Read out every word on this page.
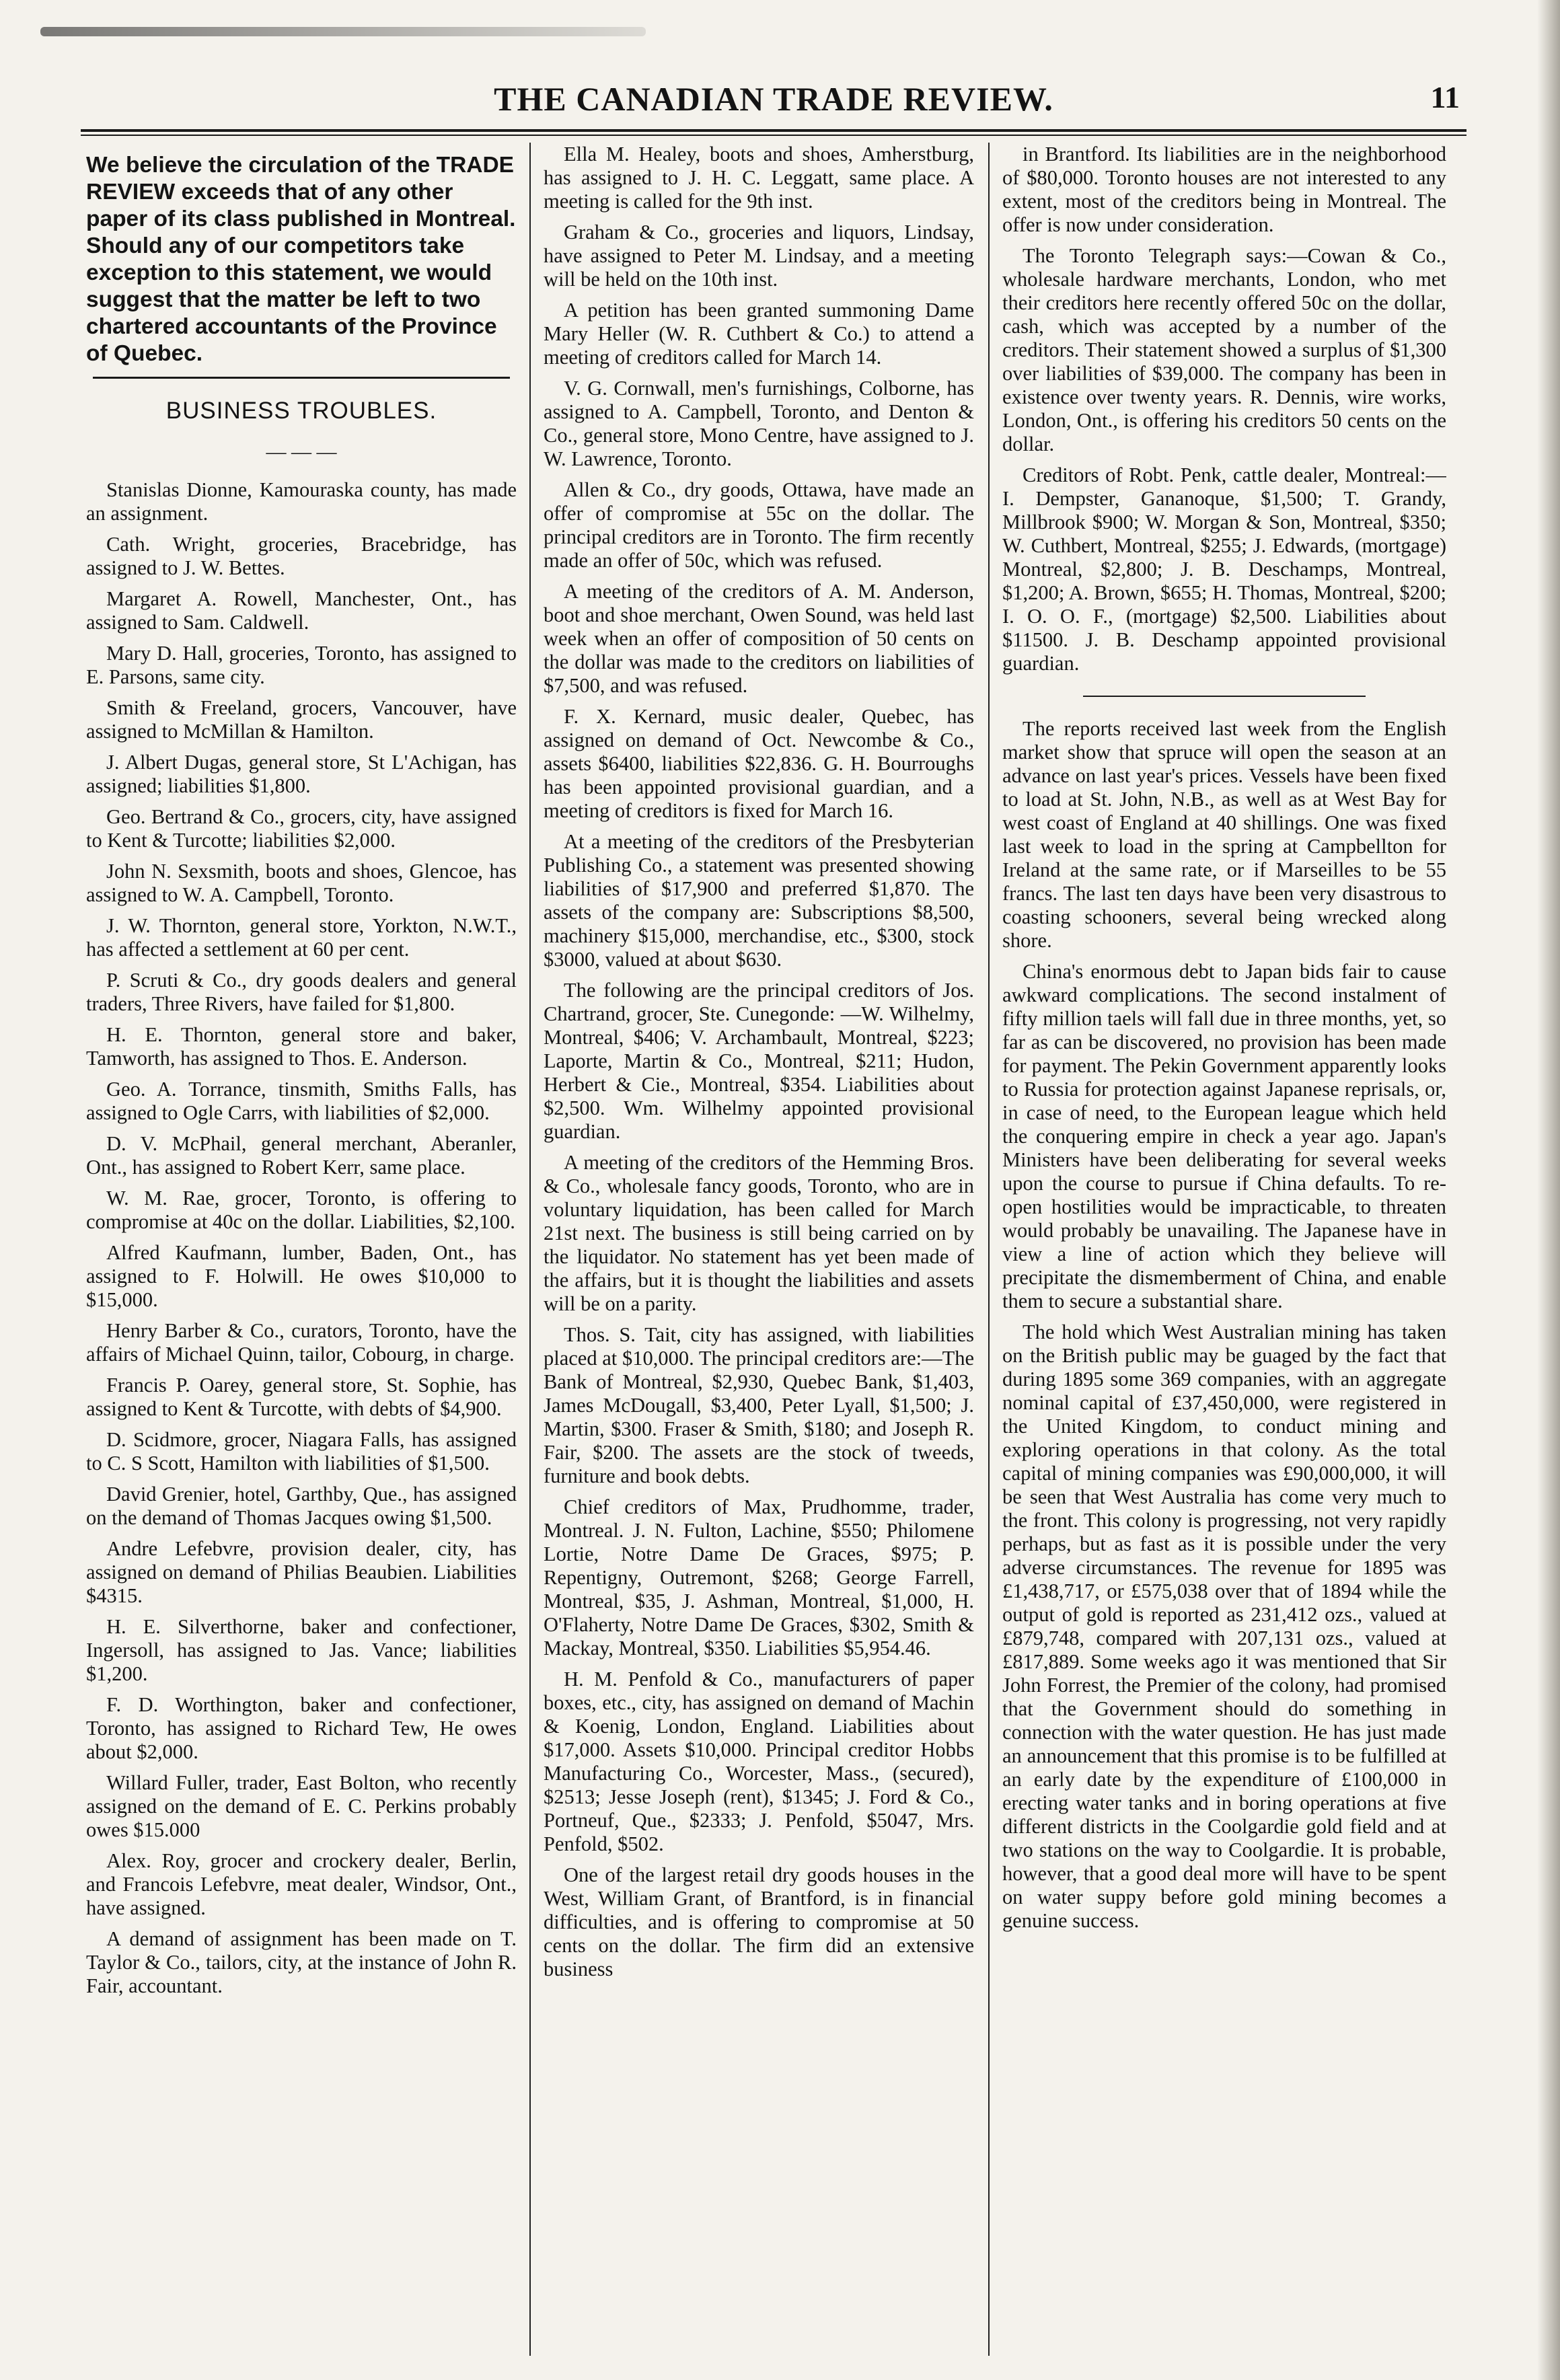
THE CANADIAN TRADE REVIEW.	11

We believe the circulation of the TRADE REVIEW exceeds that of any other paper of its class published in Montreal. Should any of our competitors take exception to this statement, we would suggest that the matter be left to two chartered accountants of the Province of Quebec.

BUSINESS TROUBLES.
— — —

Stanislas Dionne, Kamouraska county, has made an assignment.

Cath. Wright, groceries, Bracebridge, has assigned to J. W. Bettes.

Margaret A. Rowell, Manchester, Ont., has assigned to Sam. Caldwell.

Mary D. Hall, groceries, Toronto, has assigned to E. Parsons, same city.

Smith & Freeland, grocers, Vancouver, have assigned to McMillan & Hamilton.

J. Albert Dugas, general store, St L'Achigan, has assigned; liabilities $1,800.

Geo. Bertrand & Co., grocers, city, have assigned to Kent & Turcotte; liabilities $2,000.

John N. Sexsmith, boots and shoes, Glencoe, has assigned to W. A. Campbell, Toronto.

J. W. Thornton, general store, Yorkton, N.W.T., has affected a settlement at 60 per cent.

P. Scruti & Co., dry goods dealers and general traders, Three Rivers, have failed for $1,800.

H. E. Thornton, general store and baker, Tamworth, has assigned to Thos. E. Anderson.

Geo. A. Torrance, tinsmith, Smiths Falls, has assigned to Ogle Carrs, with liabilities of $2,000.

D. V. McPhail, general merchant, Aberanler, Ont., has assigned to Robert Kerr, same place.

W. M. Rae, grocer, Toronto, is offering to compromise at 40c on the dollar. Liabilities, $2,100.

Alfred Kaufmann, lumber, Baden, Ont., has assigned to F. Holwill. He owes $10,000 to $15,000.

Henry Barber & Co., curators, Toronto, have the affairs of Michael Quinn, tailor, Cobourg, in charge.

Francis P. Oarey, general store, St. Sophie, has assigned to Kent & Turcotte, with debts of $4,900.

D. Scidmore, grocer, Niagara Falls, has assigned to C. S Scott, Hamilton with liabilities of $1,500.

David Grenier, hotel, Garthby, Que., has assigned on the demand of Thomas Jacques owing $1,500.

Andre Lefebvre, provision dealer, city, has assigned on demand of Philias Beaubien. Liabilities $4315.

H. E. Silverthorne, baker and confectioner, Ingersoll, has assigned to Jas. Vance; liabilities $1,200.

F. D. Worthington, baker and confectioner, Toronto, has assigned to Richard Tew, He owes about $2,000.

Willard Fuller, trader, East Bolton, who recently assigned on the demand of E. C. Perkins probably owes $15.000

Alex. Roy, grocer and crockery dealer, Berlin, and Francois Lefebvre, meat dealer, Windsor, Ont., have assigned.

A demand of assignment has been made on T. Taylor & Co., tailors, city, at the instance of John R. Fair, accountant.

Ella M. Healey, boots and shoes, Amherstburg, has assigned to J. H. C. Leggatt, same place. A meeting is called for the 9th inst.

Graham & Co., groceries and liquors, Lindsay, have assigned to Peter M. Lindsay, and a meeting will be held on the 10th inst.

A petition has been granted summoning Dame Mary Heller (W. R. Cuthbert & Co.) to attend a meeting of creditors called for March 14.

V. G. Cornwall, men's furnishings, Colborne, has assigned to A. Campbell, Toronto, and Denton & Co., general store, Mono Centre, have assigned to J. W. Lawrence, Toronto.

Allen & Co., dry goods, Ottawa, have made an offer of compromise at 55c on the dollar. The principal creditors are in Toronto. The firm recently made an offer of 50c, which was refused.

A meeting of the creditors of A. M. Anderson, boot and shoe merchant, Owen Sound, was held last week when an offer of composition of 50 cents on the dollar was made to the creditors on liabilities of $7,500, and was refused.

F. X. Kernard, music dealer, Quebec, has assigned on demand of Oct. Newcombe & Co., assets $6400, liabilities $22,836. G. H. Bourroughs has been appointed provisional guardian, and a meeting of creditors is fixed for March 16.

At a meeting of the creditors of the Presbyterian Publishing Co., a statement was presented showing liabilities of $17,900 and preferred $1,870. The assets of the company are: Subscriptions $8,500, machinery $15,000, merchandise, etc., $300, stock $3000, valued at about $630.

The following are the principal creditors of Jos. Chartrand, grocer, Ste. Cunegonde: —W. Wilhelmy, Montreal, $406; V. Archambault, Montreal, $223; Laporte, Martin & Co., Montreal, $211; Hudon, Herbert & Cie., Montreal, $354. Liabilities about $2,500. Wm. Wilhelmy appointed provisional guardian.

A meeting of the creditors of the Hemming Bros. & Co., wholesale fancy goods, Toronto, who are in voluntary liquidation, has been called for March 21st next. The business is still being carried on by the liquidator. No statement has yet been made of the affairs, but it is thought the liabilities and assets will be on a parity.

Thos. S. Tait, city has assigned, with liabilities placed at $10,000. The principal creditors are:—The Bank of Montreal, $2,930, Quebec Bank, $1,403, James McDougall, $3,400, Peter Lyall, $1,500; J. Martin, $300. Fraser & Smith, $180; and Joseph R. Fair, $200. The assets are the stock of tweeds, furniture and book debts.

Chief creditors of Max, Prudhomme, trader, Montreal. J. N. Fulton, Lachine, $550; Philomene Lortie, Notre Dame De Graces, $975; P. Repentigny, Outremont, $268; George Farrell, Montreal, $35, J. Ashman, Montreal, $1,000, H. O'Flaherty, Notre Dame De Graces, $302, Smith & Mackay, Montreal, $350. Liabilities $5,954.46.

H. M. Penfold & Co., manufacturers of paper boxes, etc., city, has assigned on demand of Machin & Koenig, London, England. Liabilities about $17,000. Assets $10,000. Principal creditor Hobbs Manufacturing Co., Worcester, Mass., (secured), $2513; Jesse Joseph (rent), $1345; J. Ford & Co., Portneuf, Que., $2333; J. Penfold, $5047, Mrs. Penfold, $502.

One of the largest retail dry goods houses in the West, William Grant, of Brantford, is in financial difficulties, and is offering to compromise at 50 cents on the dollar. The firm did an extensive business

in Brantford. Its liabilities are in the neighborhood of $80,000. Toronto houses are not interested to any extent, most of the creditors being in Montreal. The offer is now under consideration.

The Toronto Telegraph says:—Cowan & Co., wholesale hardware merchants, London, who met their creditors here recently offered 50c on the dollar, cash, which was accepted by a number of the creditors. Their statement showed a surplus of $1,300 over liabilities of $39,000. The company has been in existence over twenty years. R. Dennis, wire works, London, Ont., is offering his creditors 50 cents on the dollar.

Creditors of Robt. Penk, cattle dealer, Montreal:—I. Dempster, Gananoque, $1,500; T. Grandy, Millbrook $900; W. Morgan & Son, Montreal, $350; W. Cuthbert, Montreal, $255; J. Edwards, (mortgage) Montreal, $2,800; J. B. Deschamps, Montreal, $1,200; A. Brown, $655; H. Thomas, Montreal, $200; I. O. O. F., (mortgage) $2,500. Liabilities about $11500. J. B. Deschamp appointed provisional guardian.

The reports received last week from the English market show that spruce will open the season at an advance on last year's prices. Vessels have been fixed to load at St. John, N.B., as well as at West Bay for west coast of England at 40 shillings. One was fixed last week to load in the spring at Campbellton for Ireland at the same rate, or if Marseilles to be 55 francs. The last ten days have been very disastrous to coasting schooners, several being wrecked along shore.

China's enormous debt to Japan bids fair to cause awkward complications. The second instalment of fifty million taels will fall due in three months, yet, so far as can be discovered, no provision has been made for payment. The Pekin Government apparently looks to Russia for protection against Japanese reprisals, or, in case of need, to the European league which held the conquering empire in check a year ago. Japan's Ministers have been deliberating for several weeks upon the course to pursue if China defaults. To re-open hostilities would be impracticable, to threaten would probably be unavailing. The Japanese have in view a line of action which they believe will precipitate the dismemberment of China, and enable them to secure a substantial share.

The hold which West Australian mining has taken on the British public may be guaged by the fact that during 1895 some 369 companies, with an aggregate nominal capital of £37,450,000, were registered in the United Kingdom, to conduct mining and exploring operations in that colony. As the total capital of mining companies was £90,000,000, it will be seen that West Australia has come very much to the front. This colony is progressing, not very rapidly perhaps, but as fast as it is possible under the very adverse circumstances. The revenue for 1895 was £1,438,717, or £575,038 over that of 1894 while the output of gold is reported as 231,412 ozs., valued at £879,748, compared with 207,131 ozs., valued at £817,889. Some weeks ago it was mentioned that Sir John Forrest, the Premier of the colony, had promised that the Government should do something in connection with the water question. He has just made an announcement that this promise is to be fulfilled at an early date by the expenditure of £100,000 in erecting water tanks and in boring operations at five different districts in the Coolgardie gold field and at two stations on the way to Coolgardie. It is probable, however, that a good deal more will have to be spent on water suppy before gold mining becomes a genuine success.
